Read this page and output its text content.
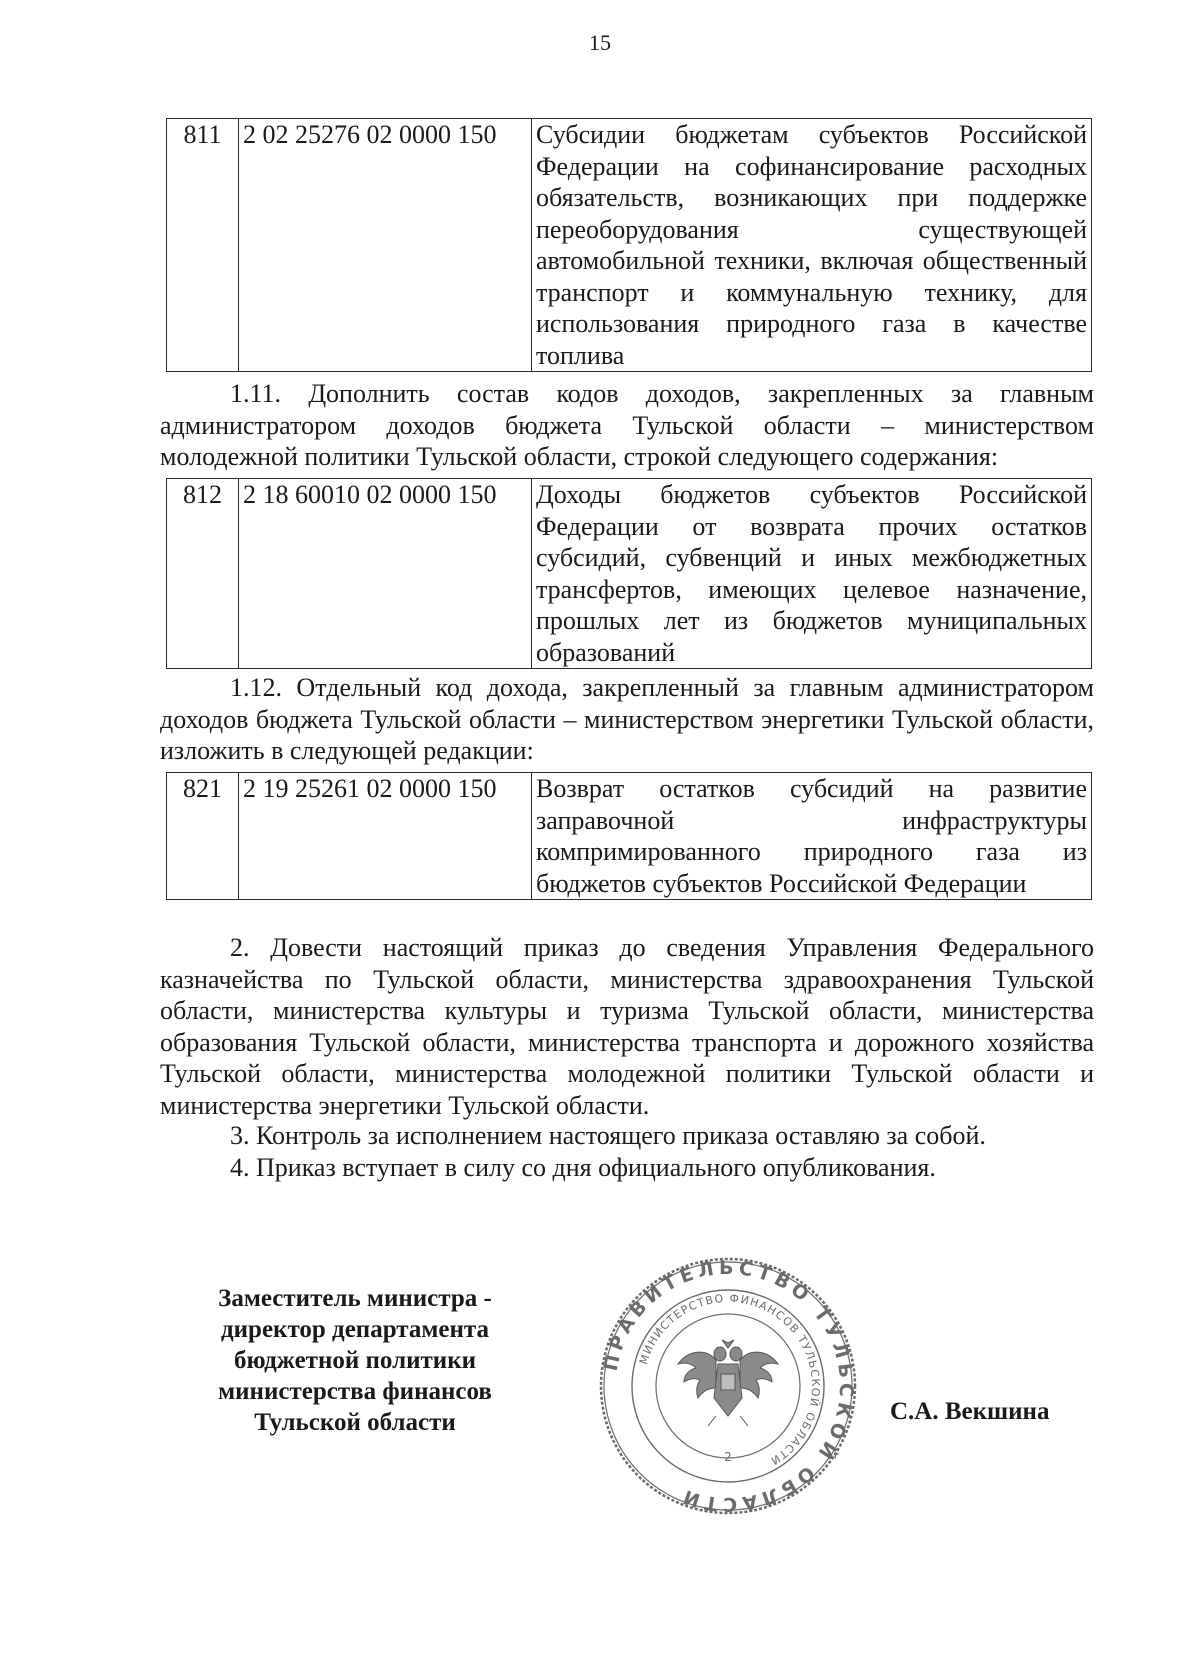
15
811	2 02 25276 02 0000 150	Субсидии бюджетам субъектов Российской Федерации на софинансирование расходных обязательств, возникающих при поддержке переоборудования существующей автомобильной техники, включая общественный транспорт и коммунальную технику, для использования природного газа в качестве топлива

1.11. Дополнить состав кодов доходов, закрепленных за главным администратором доходов бюджета Тульской области – министерством молодежной политики Тульской области, строкой следующего содержания:

812	2 18 60010 02 0000 150	Доходы бюджетов субъектов Российской Федерации от возврата прочих остатков субсидий, субвенций и иных межбюджетных трансфертов, имеющих целевое назначение, прошлых лет из бюджетов муниципальных образований

1.12. Отдельный код дохода, закрепленный за главным администратором доходов бюджета Тульской области – министерством энергетики Тульской области, изложить в следующей редакции:

821	2 19 25261 02 0000 150	Возврат остатков субсидий на развитие заправочной инфраструктуры компримированного природного газа из бюджетов субъектов Российской Федерации

2. Довести настоящий приказ до сведения Управления Федерального казначейства по Тульской области, министерства здравоохранения Тульской области, министерства культуры и туризма Тульской области, министерства образования Тульской области, министерства транспорта и дорожного хозяйства Тульской области, министерства молодежной политики Тульской области и министерства энергетики Тульской области.

3. Контроль за исполнением настоящего приказа оставляю за собой.

4. Приказ вступает в силу со дня официального опубликования.

Заместитель министра -
директор департамента
бюджетной политики
министерства финансов
Тульской области
ПРАВИТЕЛЬСТВО ТУЛЬСКОЙ ОБЛАСТИ
МИНИСТЕРСТВО ФИНАНСОВ ТУЛЬСКОЙ ОБЛАСТИ
2
С.А. Векшина
